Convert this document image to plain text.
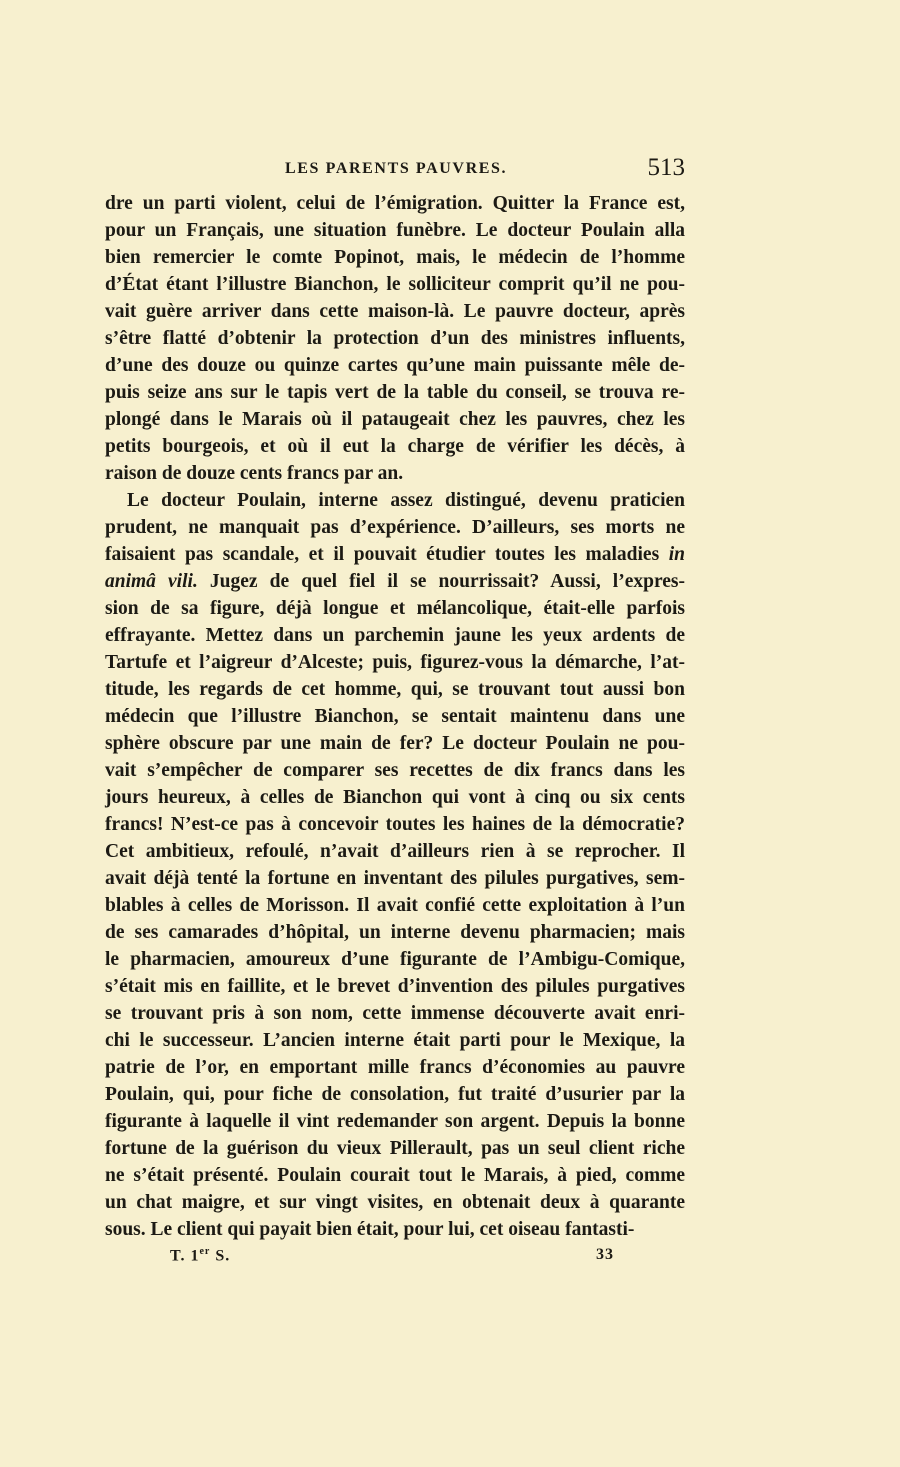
LES PARENTS PAUVRES.	513
dre un parti violent, celui de l’émigration. Quitter la France est,
pour un Français, une situation funèbre. Le docteur Poulain alla
bien remercier le comte Popinot, mais, le médecin de l’homme
d’État étant l’illustre Bianchon, le solliciteur comprit qu’il ne pou-
vait guère arriver dans cette maison-là. Le pauvre docteur, après
s’être flatté d’obtenir la protection d’un des ministres influents,
d’une des douze ou quinze cartes qu’une main puissante mêle de-
puis seize ans sur le tapis vert de la table du conseil, se trouva re-
plongé dans le Marais où il pataugeait chez les pauvres, chez les
petits bourgeois, et où il eut la charge de vérifier les décès, à
raison de douze cents francs par an.
Le docteur Poulain, interne assez distingué, devenu praticien
prudent, ne manquait pas d’expérience. D’ailleurs, ses morts ne
faisaient pas scandale, et il pouvait étudier toutes les maladies in
animâ vili. Jugez de quel fiel il se nourrissait? Aussi, l’expres-
sion de sa figure, déjà longue et mélancolique, était-elle parfois
effrayante. Mettez dans un parchemin jaune les yeux ardents de
Tartufe et l’aigreur d’Alceste; puis, figurez-vous la démarche, l’at-
titude, les regards de cet homme, qui, se trouvant tout aussi bon
médecin que l’illustre Bianchon, se sentait maintenu dans une
sphère obscure par une main de fer? Le docteur Poulain ne pou-
vait s’empêcher de comparer ses recettes de dix francs dans les
jours heureux, à celles de Bianchon qui vont à cinq ou six cents
francs! N’est-ce pas à concevoir toutes les haines de la démocratie?
Cet ambitieux, refoulé, n’avait d’ailleurs rien à se reprocher. Il
avait déjà tenté la fortune en inventant des pilules purgatives, sem-
blables à celles de Morisson. Il avait confié cette exploitation à l’un
de ses camarades d’hôpital, un interne devenu pharmacien; mais
le pharmacien, amoureux d’une figurante de l’Ambigu-Comique,
s’était mis en faillite, et le brevet d’invention des pilules purgatives
se trouvant pris à son nom, cette immense découverte avait enri-
chi le successeur. L’ancien interne était parti pour le Mexique, la
patrie de l’or, en emportant mille francs d’économies au pauvre
Poulain, qui, pour fiche de consolation, fut traité d’usurier par la
figurante à laquelle il vint redemander son argent. Depuis la bonne
fortune de la guérison du vieux Pillerault, pas un seul client riche
ne s’était présenté. Poulain courait tout le Marais, à pied, comme
un chat maigre, et sur vingt visites, en obtenait deux à quarante
sous. Le client qui payait bien était, pour lui, cet oiseau fantasti-
T. 1er S.	33
